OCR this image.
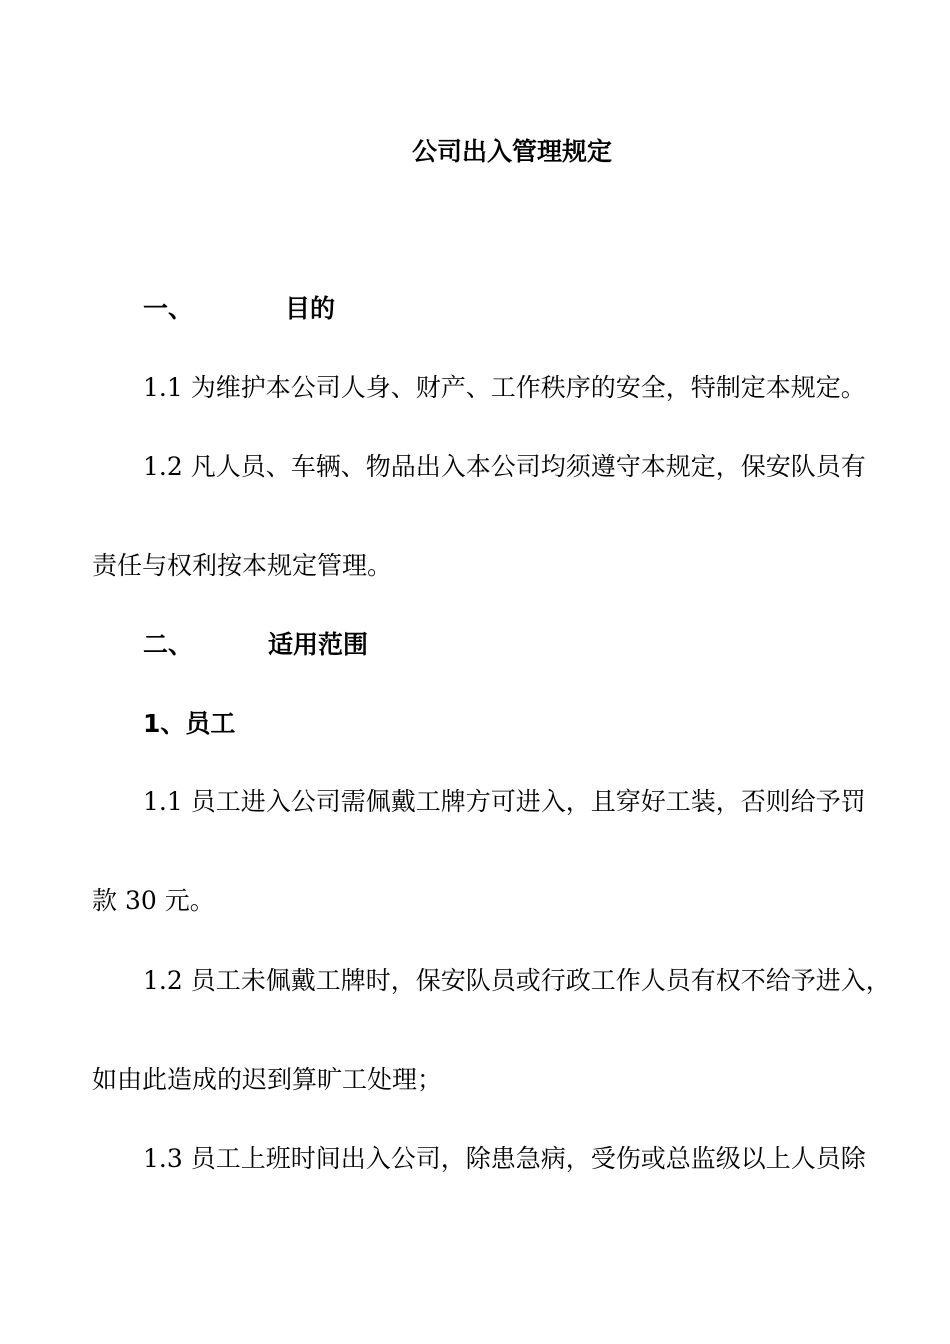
公司出入管理规定
一、	目的
1.1 为维护本公司人身、财产、工作秩序的安全，特制定本规定。
1.2 凡人员、车辆、物品出入本公司均须遵守本规定，保安队员有
责任与权利按本规定管理。
二、	适用范围
1、员工
1.1 员工进入公司需佩戴工牌方可进入，且穿好工装，否则给予罚
款 30 元。
1.2 员工未佩戴工牌时，保安队员或行政工作人员有权不给予进入，
如由此造成的迟到算旷工处理；
1.3 员工上班时间出入公司，除患急病，受伤或总监级以上人员除
